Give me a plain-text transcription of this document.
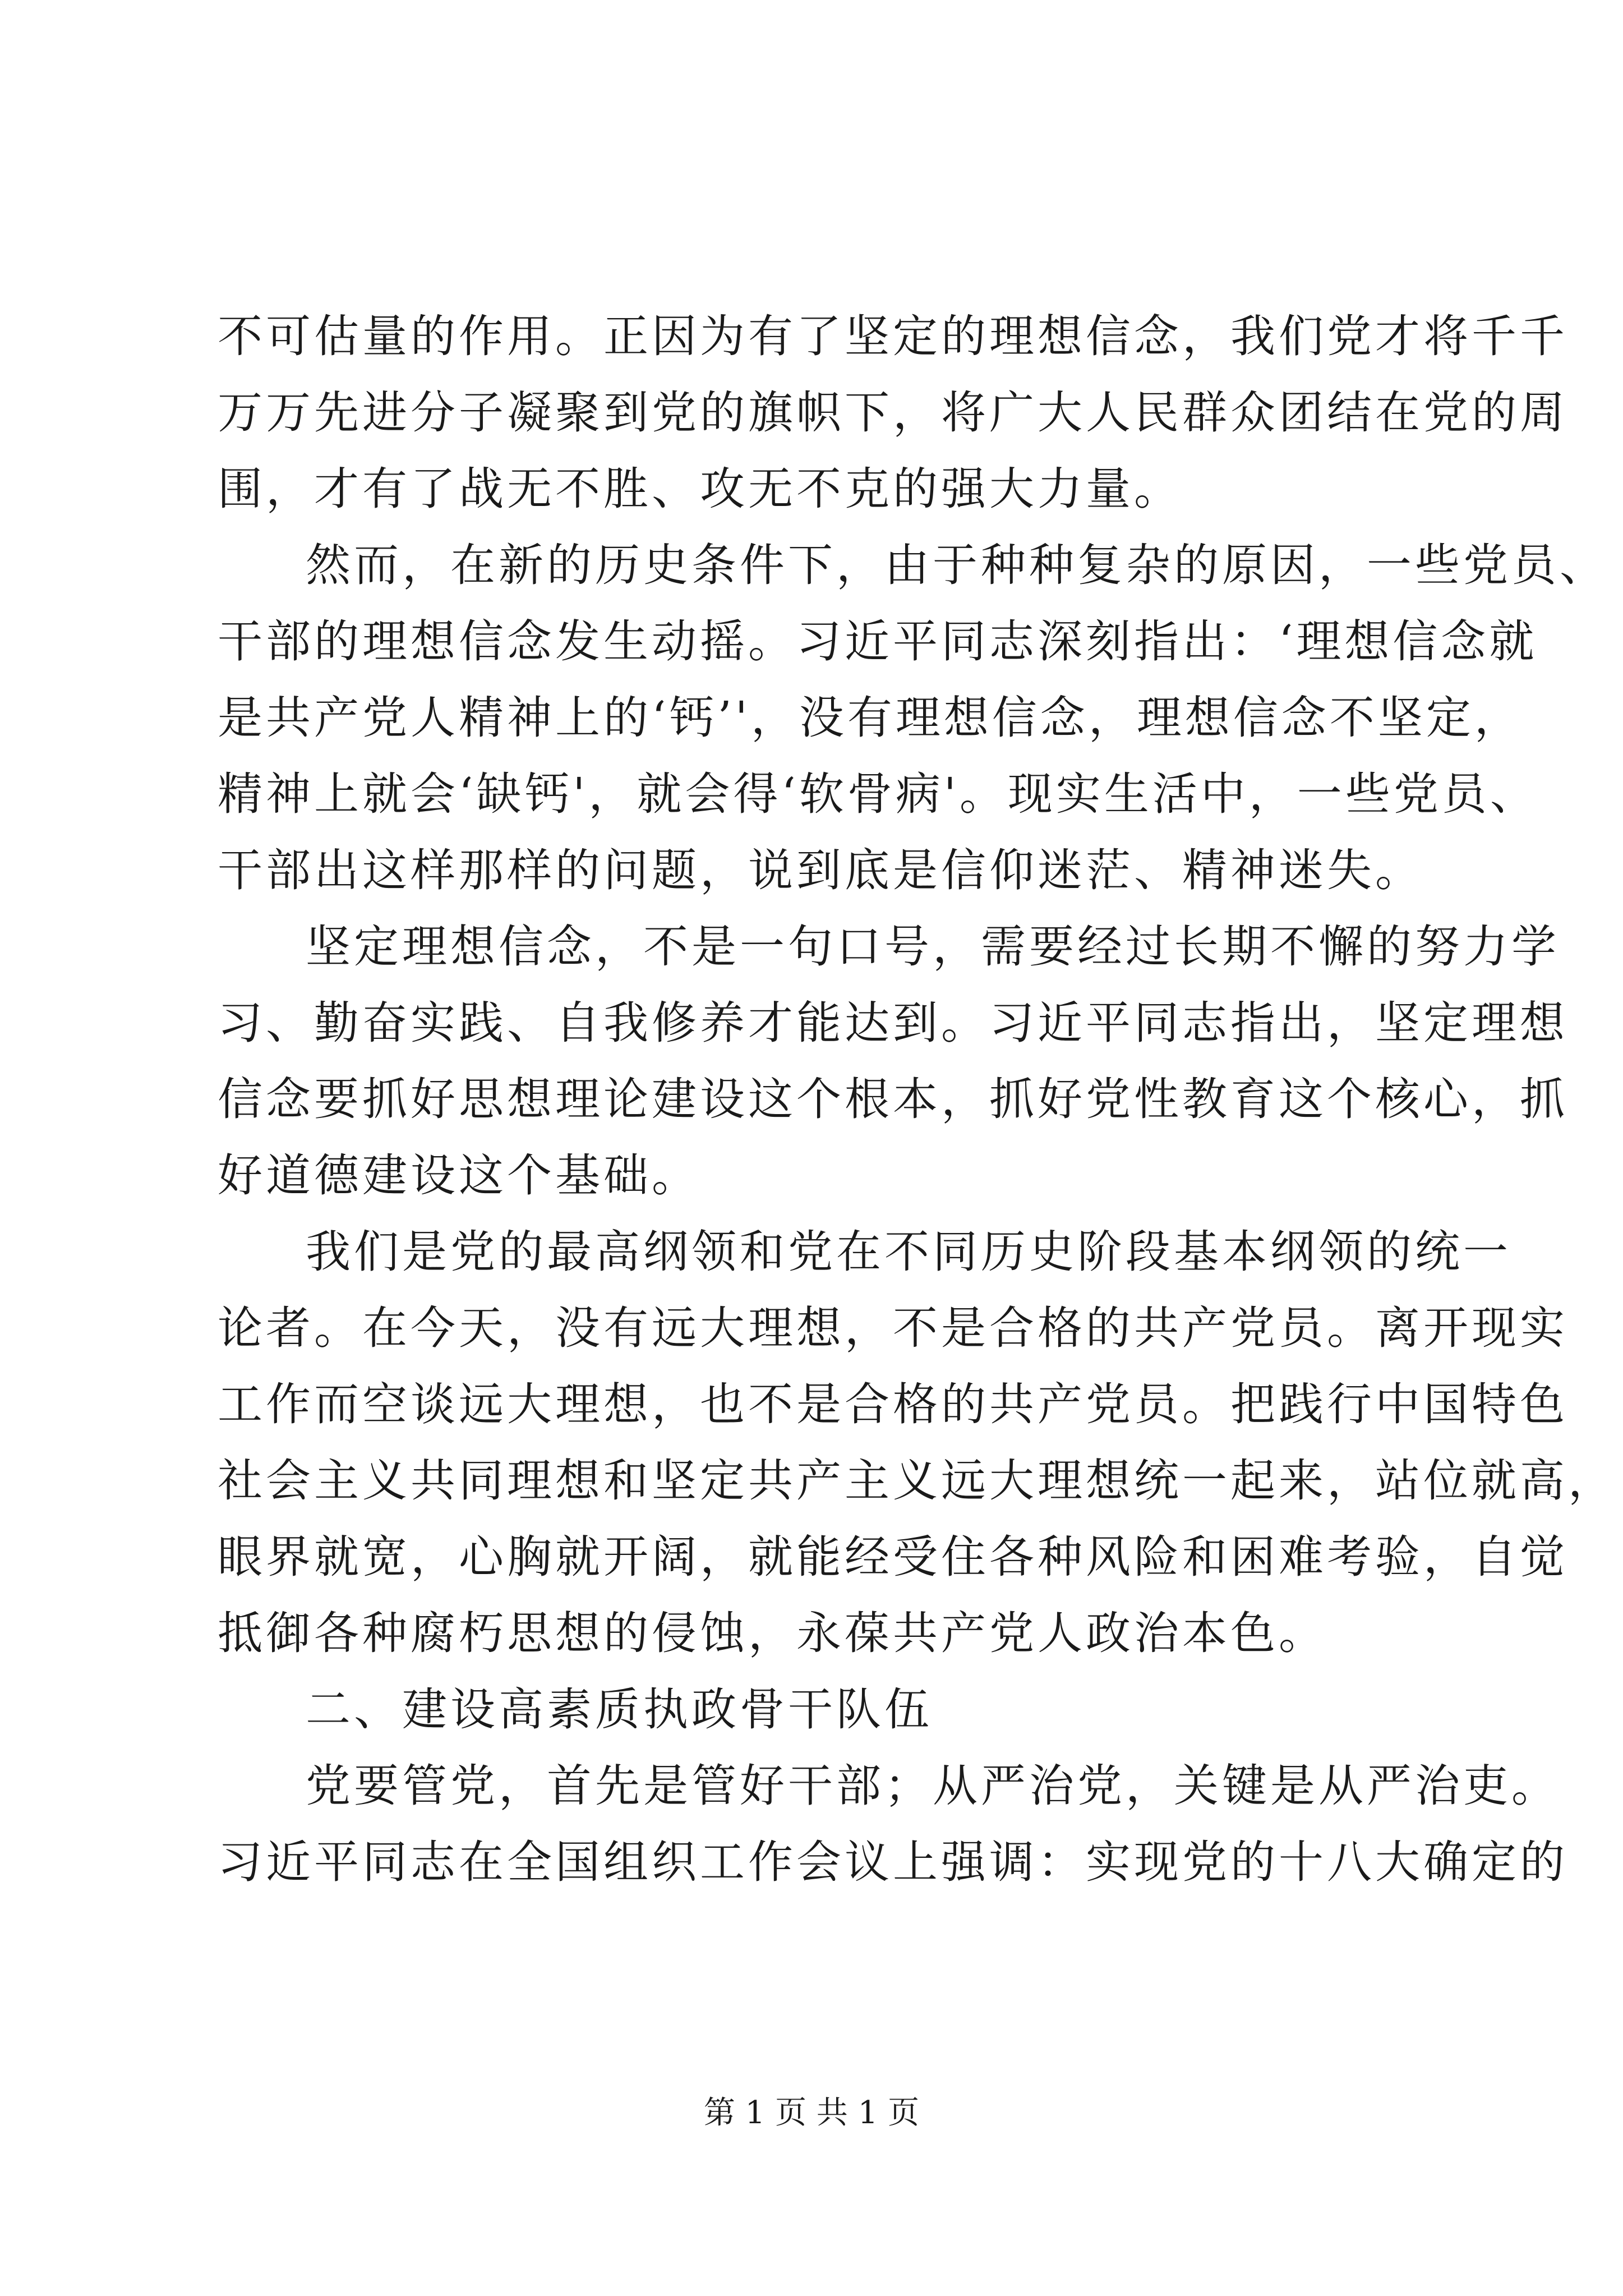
不可估量的作用。正因为有了坚定的理想信念，我们党才将千千
万万先进分子凝聚到党的旗帜下，将广大人民群众团结在党的周
围，才有了战无不胜、攻无不克的强大力量。
然而，在新的历史条件下，由于种种复杂的原因，一些党员、
干部的理想信念发生动摇。习近平同志深刻指出：‘理想信念就
是共产党人精神上的‘钙’'，没有理想信念，理想信念不坚定，
精神上就会‘缺钙'，就会得‘软骨病'。现实生活中，一些党员、
干部出这样那样的问题，说到底是信仰迷茫、精神迷失。
坚定理想信念，不是一句口号，需要经过长期不懈的努力学
习、勤奋实践、自我修养才能达到。习近平同志指出，坚定理想
信念要抓好思想理论建设这个根本，抓好党性教育这个核心，抓
好道德建设这个基础。
我们是党的最高纲领和党在不同历史阶段基本纲领的统一
论者。在今天，没有远大理想，不是合格的共产党员。离开现实
工作而空谈远大理想，也不是合格的共产党员。把践行中国特色
社会主义共同理想和坚定共产主义远大理想统一起来，站位就高，
眼界就宽，心胸就开阔，就能经受住各种风险和困难考验，自觉
抵御各种腐朽思想的侵蚀，永葆共产党人政治本色。
二、建设高素质执政骨干队伍
党要管党，首先是管好干部；从严治党，关键是从严治吏。
习近平同志在全国组织工作会议上强调：实现党的十八大确定的
第 1 页 共 1 页
